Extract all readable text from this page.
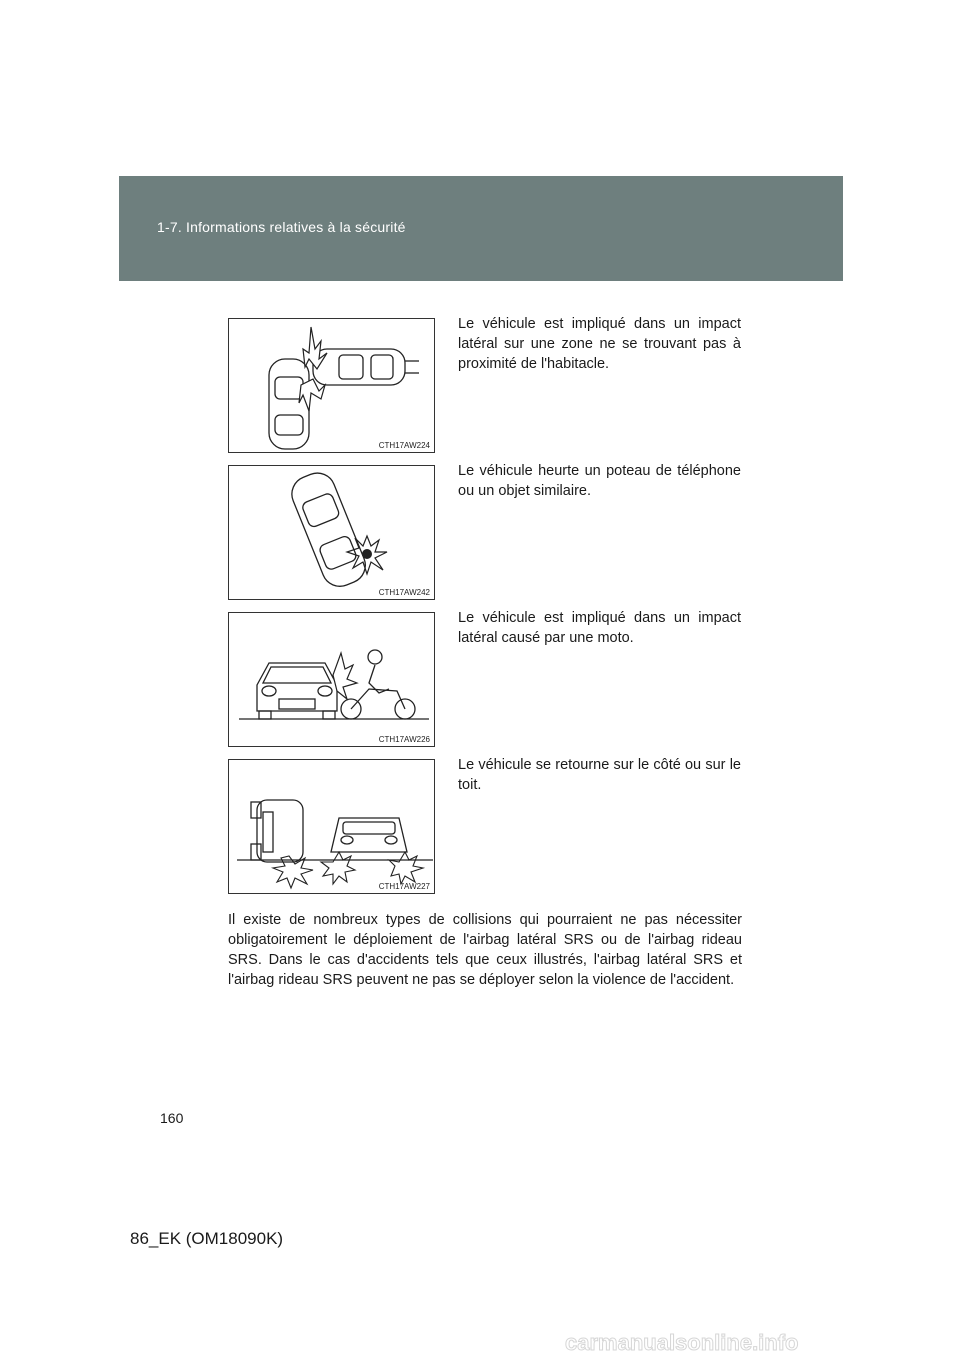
1-7. Informations relatives à la sécurité
CTH17AW224
Le véhicule est impliqué dans un impact latéral sur une zone ne se trouvant pas à proximité de l'habitacle.
CTH17AW242
Le véhicule heurte un poteau de téléphone ou un objet similaire.
CTH17AW226
Le véhicule est impliqué dans un impact latéral causé par une moto.
CTH17AW227
Le véhicule se retourne sur le côté ou sur le toit.
Il existe de nombreux types de collisions qui pourraient ne pas nécessiter obligatoirement le déploiement de l'airbag latéral SRS ou de l'airbag rideau SRS. Dans le cas d'accidents tels que ceux illustrés, l'airbag latéral SRS et l'airbag rideau SRS peuvent ne pas se déployer selon la violence de l'accident.
160
86_EK (OM18090K)
carmanualsonline.info
